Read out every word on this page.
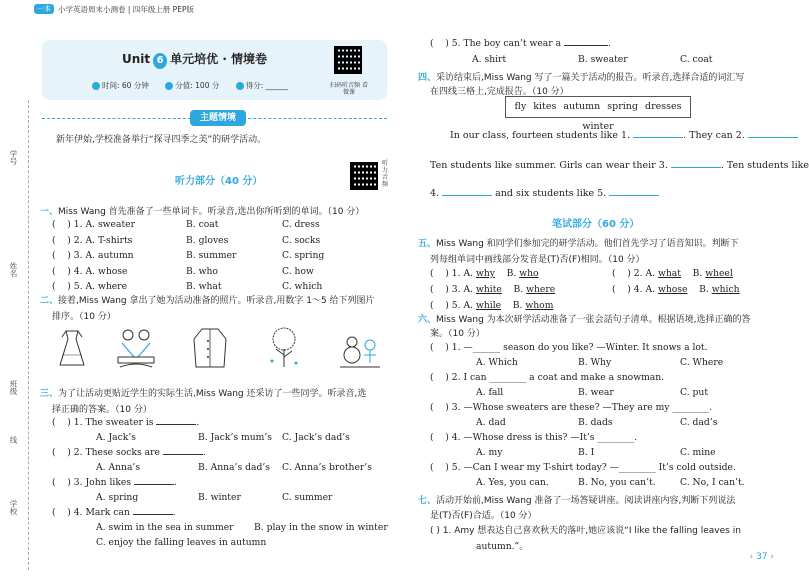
一本 小学英语周末小测卷 | 四年级上册 PEP版
学号
姓名
班级
线
学校
Unit 6 单元培优 · 情境卷
时间: 60 分钟	分值: 100 分	得分: ______	扫码听音频 看微课
主题情境
新年伊始,学校准备举行“探寻四季之美”的研学活动。
听力部分（40 分）
听力音频
一、Miss Wang 首先准备了一些单词卡。听录音,选出你所听到的单词。（10 分）
(    ) 1. A. sweater	B. coat	C. dress
(    ) 2. A. T-shirts	B. gloves	C. socks
(    ) 3. A. autumn	B. summer	C. spring
(    ) 4. A. whose	B. who	C. how
(    ) 5. A. where	B. what	C. which
二、接着,Miss Wang 拿出了她为活动准备的照片。听录音,用数字 1～5 给下列图片
排序。（10 分）
三、为了让活动更贴近学生的实际生活,Miss Wang 还采访了一些同学。听录音,选
择正确的答案。（10 分）
(    ) 1. The sweater is	.
A. Jack’s	B. Jack’s mum’s C. Jack’s dad’s
(    ) 2. These socks are	.
A. Anna’s	B. Anna’s dad’s C. Anna’s brother’s
(    ) 3. John likes	.
A. spring	B. winter	C. summer
(    ) 4. Mark can	.
A. swim in the sea in summer B. play in the snow in winter
C. enjoy the falling leaves in autumn
(    ) 5. The boy can’t wear a	.
A. shirt	B. sweater	C. coat
四、采访结束后,Miss Wang 写了一篇关于活动的报告。听录音,选择合适的词汇写
在四线三格上,完成报告。（10 分）
fly kites autumn spring dresses winter
In our class, fourteen students like 1.	. They can 2.
Ten students like summer. Girls can wear their 3.	. Ten students like
4.	and six students like 5.
笔试部分（60 分）
五、Miss Wang 和同学们参加完的研学活动。他们首先学习了语音知识。判断下
列每组单词中画线部分发音是(T)否(F)相同。（10 分）
(    ) 1. A. why B. who	(    ) 2. A. what B. wheel
(    ) 3. A. white B. where	(    ) 4. A. whose B. which
(    ) 5. A. while B. whom
六、Miss Wang 为本次研学活动准备了一张会話句子清单。根据语境,选择正确的答
案。（10 分）
(    ) 1. —______ season do you like? —Winter. It snows a lot.
A. Which	B. Why	C. Where
(    ) 2. I can ________ a coat and make a snowman.
A. fall	B. wear	C. put
(    ) 3. —Whose sweaters are these? —They are my ________.
A. dad	B. dads	C. dad’s
(    ) 4. —Whose dress is this? —It’s ________.
A. my	B. I	C. mine
(    ) 5. —Can I wear my T-shirt today? —________ It’s cold outside.
A. Yes, you can.	B. No, you can’t.	C. No, I can’t.
七、活动开始前,Miss Wang 准备了一场答疑讲座。阅读讲座内容,判断下列说法
是(T)否(F)合适。（10 分）
( ) 1. Amy 想表达自己喜欢秋天的落叶,她应该说“I like the falling leaves in
autumn.”。
› 37 ›
